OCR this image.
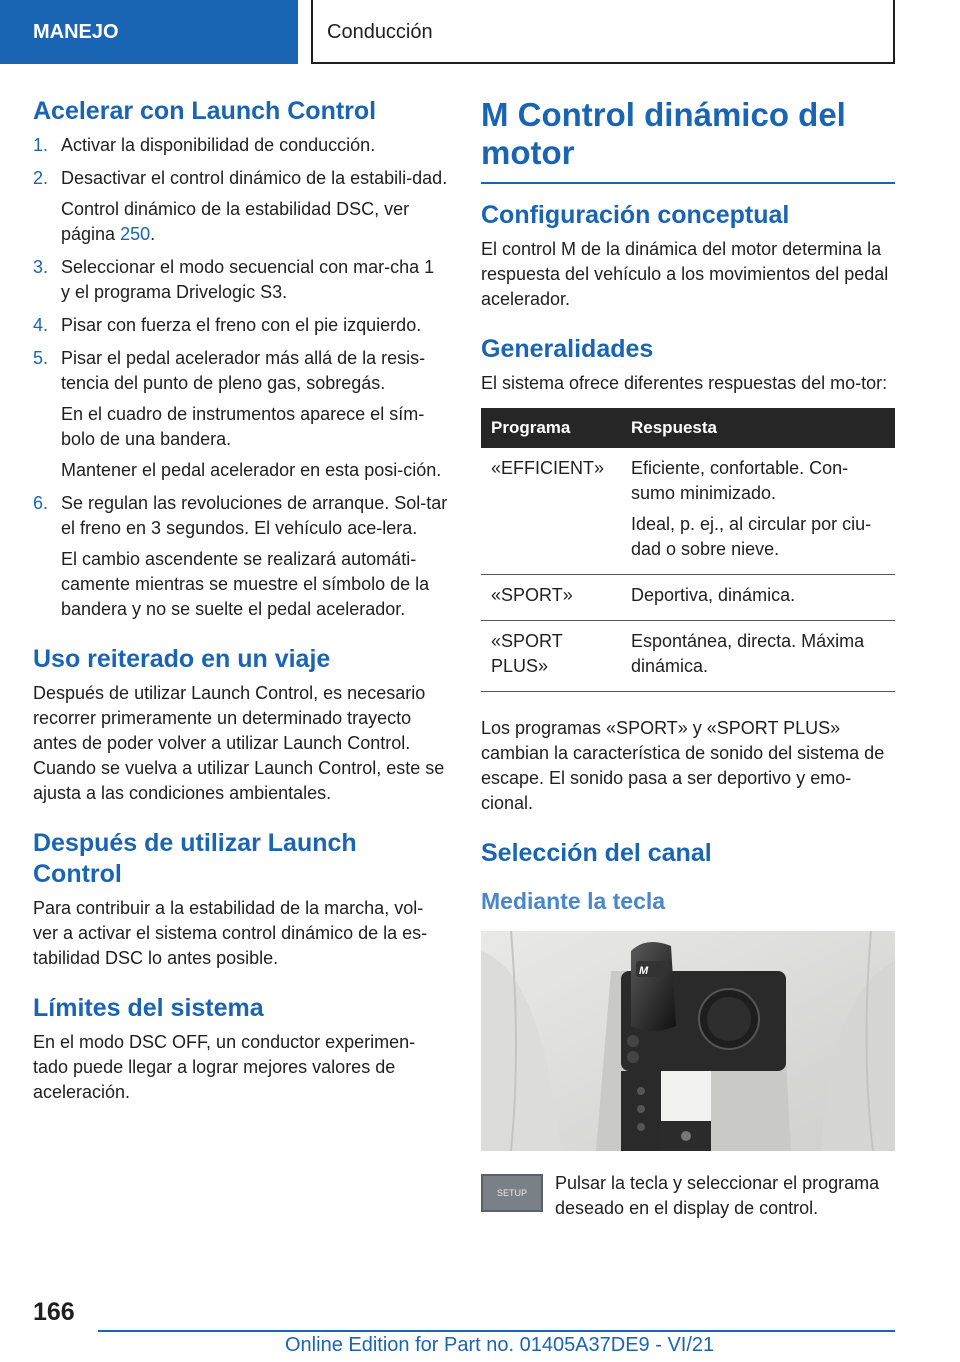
MANEJO	Conducción
Acelerar con Launch Control
1. Activar la disponibilidad de conducción.
2. Desactivar el control dinámico de la estabili‐dad.
Control dinámico de la estabilidad DSC, ver página 250.
3. Seleccionar el modo secuencial con mar‐cha 1 y el programa Drivelogic S3.
4. Pisar con fuerza el freno con el pie izquierdo.
5. Pisar el pedal acelerador más allá de la resis‐tencia del punto de pleno gas, sobregás.
En el cuadro de instrumentos aparece el sím‐bolo de una bandera.
Mantener el pedal acelerador en esta posi‐ción.
6. Se regulan las revoluciones de arranque. Sol‐tar el freno en 3 segundos. El vehículo ace‐lera.
El cambio ascendente se realizará automáti‐camente mientras se muestre el símbolo de la bandera y no se suelte el pedal acelerador.
Uso reiterado en un viaje

Después de utilizar Launch Control, es necesario recorrer primeramente un determinado trayecto antes de poder volver a utilizar Launch Control. Cuando se vuelva a utilizar Launch Control, este se ajusta a las condiciones ambientales.

Después de utilizar Launch Control

Para contribuir a la estabilidad de la marcha, vol‐ver a activar el sistema control dinámico de la es‐tabilidad DSC lo antes posible.

Límites del sistema

En el modo DSC OFF, un conductor experimen‐tado puede llegar a lograr mejores valores de aceleración.

M Control dinámico del motor
Configuración conceptual

El control M de la dinámica del motor determina la respuesta del vehículo a los movimientos del pedal acelerador.

Generalidades

El sistema ofrece diferentes respuestas del mo‐tor:

Programa	Respuesta
«EFFICIENT»	Eficiente, confortable. Con‐sumo minimizado.
Ideal, p. ej., al circular por ciu‐dad o sobre nieve.

«SPORT»	Deportiva, dinámica.
«SPORT PLUS»	Espontánea, directa. Máxima dinámica.

Los programas «SPORT» y «SPORT PLUS» cambian la característica de sonido del sistema de escape. El sonido pasa a ser deportivo y emo‐cional.

Selección del canal
Mediante la tecla
M
SETUP	Pulsar la tecla y seleccionar el programa deseado en el display de control.

166
Online Edition for Part no. 01405A37DE9 - VI/21
